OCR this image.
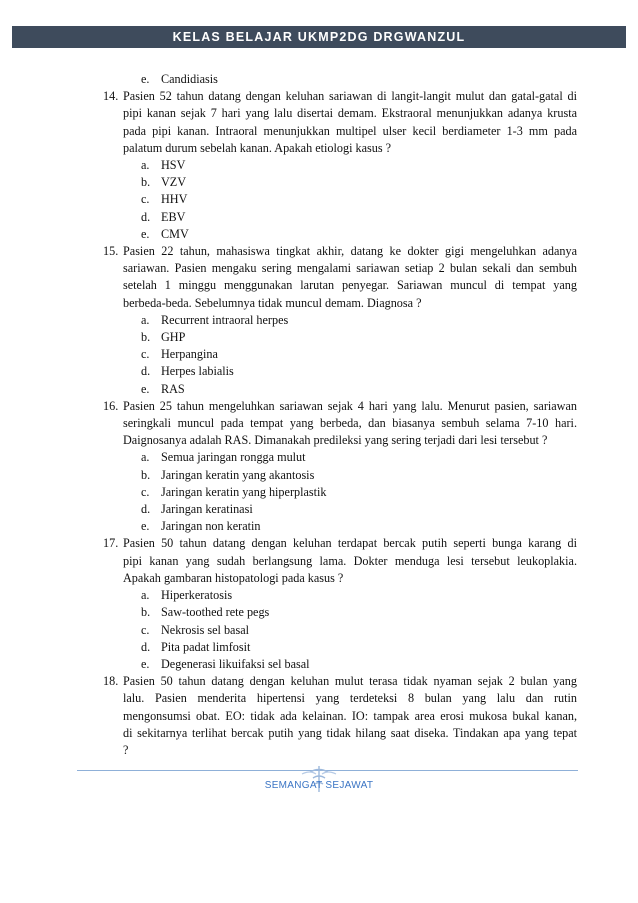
KELAS BELAJAR UKMP2DG DRGWANZUL
e. Candidiasis
14. Pasien 52 tahun datang dengan keluhan sariawan di langit-langit mulut dan gatal-gatal di
pipi kanan sejak 7 hari yang lalu disertai demam. Ekstraoral menunjukkan adanya krusta
pada pipi kanan. Intraoral menunjukkan multipel ulser kecil berdiameter 1-3 mm pada
palatum durum sebelah kanan. Apakah etiologi kasus ?
a. HSV
b. VZV
c. HHV
d. EBV
e. CMV
15. Pasien 22 tahun, mahasiswa tingkat akhir, datang ke dokter gigi mengeluhkan adanya
sariawan. Pasien mengaku sering mengalami sariawan setiap 2 bulan sekali dan sembuh
setelah 1 minggu menggunakan larutan penyegar. Sariawan muncul di tempat yang
berbeda-beda. Sebelumnya tidak muncul demam. Diagnosa ?
a. Recurrent intraoral herpes
b. GHP
c. Herpangina
d. Herpes labialis
e. RAS
16. Pasien 25 tahun mengeluhkan sariawan sejak 4 hari yang lalu. Menurut pasien, sariawan
seringkali muncul pada tempat yang berbeda, dan biasanya sembuh selama 7-10 hari.
Daignosanya adalah RAS. Dimanakah predileksi yang sering terjadi dari lesi tersebut ?
a. Semua jaringan rongga mulut
b. Jaringan keratin yang akantosis
c. Jaringan keratin yang hiperplastik
d. Jaringan keratinasi
e. Jaringan non keratin
17. Pasien 50 tahun datang dengan keluhan terdapat bercak putih seperti bunga karang di
pipi kanan yang sudah berlangsung lama. Dokter menduga lesi tersebut leukoplakia.
Apakah gambaran histopatologi pada kasus ?
a. Hiperkeratosis
b. Saw-toothed rete pegs
c. Nekrosis sel basal
d. Pita padat limfosit
e. Degenerasi likuifaksi sel basal
18. Pasien 50 tahun datang dengan keluhan mulut terasa tidak nyaman sejak 2 bulan yang
lalu. Pasien menderita hipertensi yang terdeteksi 8 bulan yang lalu dan rutin
mengonsumsi obat. EO: tidak ada kelainan. IO: tampak area erosi mukosa bukal kanan,
di sekitarnya terlihat bercak putih yang tidak hilang saat diseka. Tindakan apa yang tepat
?
SEMANGAT SEJAWAT
